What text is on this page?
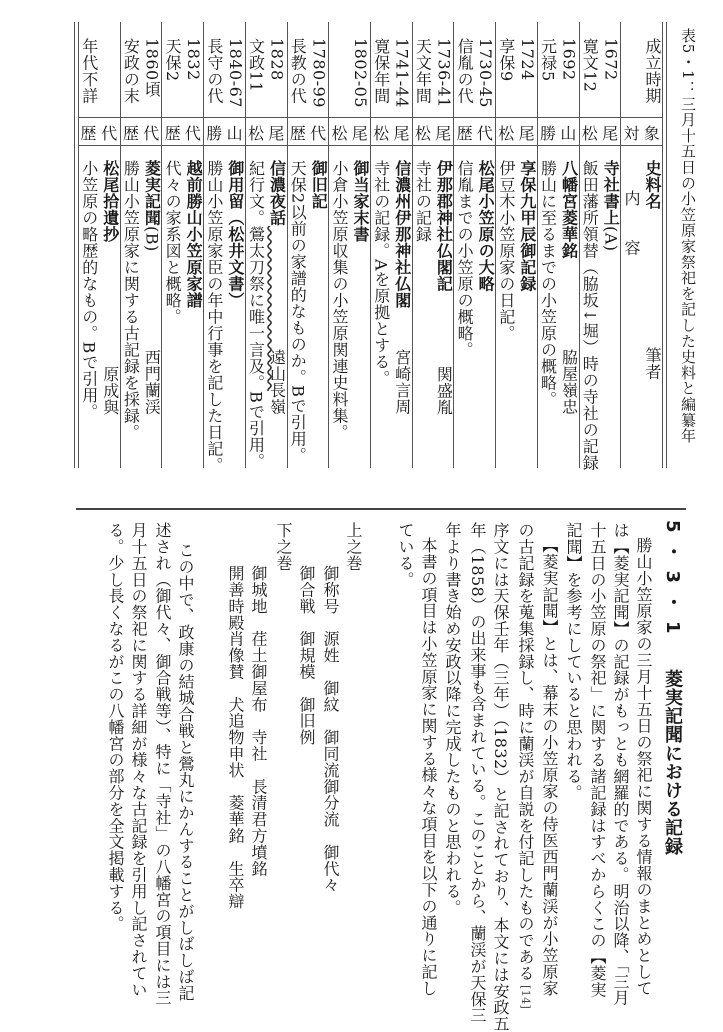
表5・1：三月十五日の小笠原家祭祀を記した史料と編纂年
成立時期
対 象
史料名
内　　容
筆者
1672
寛文12
松 尾
寺社書上(A)
飯田藩所領替（脇坂↓堀）時の寺社の記録
1692
元禄5
勝 山
八幡宮菱華銘
勝山に至るまでの小笠原の概略。 脇屋嶺忠
1724
享保9
松 尾
享保九甲辰御記録
伊豆木小笠原家の日記。
1730-45
信胤の代
歴 代
松尾小笠原の大略
信胤までの小笠原の概略。
1736-41
天文年間
松 尾
伊那郡神社仏閣記
寺社の記録
関盛胤
1741-44
寛保年間
松 尾
信濃州伊那神社仏閣
寺社の記録。Aを原拠とする。 宮崎言周
1802-05
松 尾
御当家末書
小倉小笠原収集の小笠原関連史料集。
1780-99
長教の代
歴 代
御旧記
天保2以前の家譜的なものか。Bで引用。
1828
文政11
松 尾
信濃夜話
紀行文。鶯太刀祭に唯一言及。Bで引用。
遠山長嶺
1840-67
長守の代
勝 山
御用留（松井文書）
勝山小笠原家臣の年中行事を記した日記。
1832
天保2
歴 代
越前勝山小笠原家譜
代々の家系図と概略。
1860頃
安政の末
歴 代
菱実記聞(B)
勝山小笠原家に関する古記録を採録。 西門蘭渓
年代不詳
歴 代
松尾拾遺抄
小笠原の略歴的なもの。Bで引用。 原成與
5・3・1菱実記聞における記録
勝山小笠原家の三月十五日の祭祀に関する情報のまとめとして
は【菱実記聞】の記録がもっとも網羅的である。明治以降、「三月
十五日の小笠原の祭祀」に関する諸記録はすべからくこの【菱実
記聞】を参考にしていると思われる。
【菱実記聞】とは、幕末の小笠原家の侍医西門蘭渓が小笠原家
の古記録を蒐集採録し、時に蘭渓が自説を付記したものである[14]
序文には天保壬年（三年）（1832）と記されており、本文には安政五
年（1858）の出来事も含まれている。このことから、蘭渓が天保三
年より書き始め安政以降に完成したものと思われる。
本書の項目は小笠原家に関する様々な項目を以下の通りに記し
ている。
上之巻
御称号　源姓　御紋　御同流御分流　御代々
御合戦　御規模　御旧例
下之巻
御城地　荏土御屋布　寺社　長清君方墳銘
開善時殿肖像賛　犬追物申状　菱華銘　生卒辯
この中で、政康の結城合戦と鶯丸にかんすることがしばしば記
述され（御代々、御合戦等）、特に「寺社」の八幡宮の項目には三
月十五日の祭祀に関する詳細が様々な古記録を引用し記されてい
る。少し長くなるがこの八幡宮の部分を全文掲載する。
